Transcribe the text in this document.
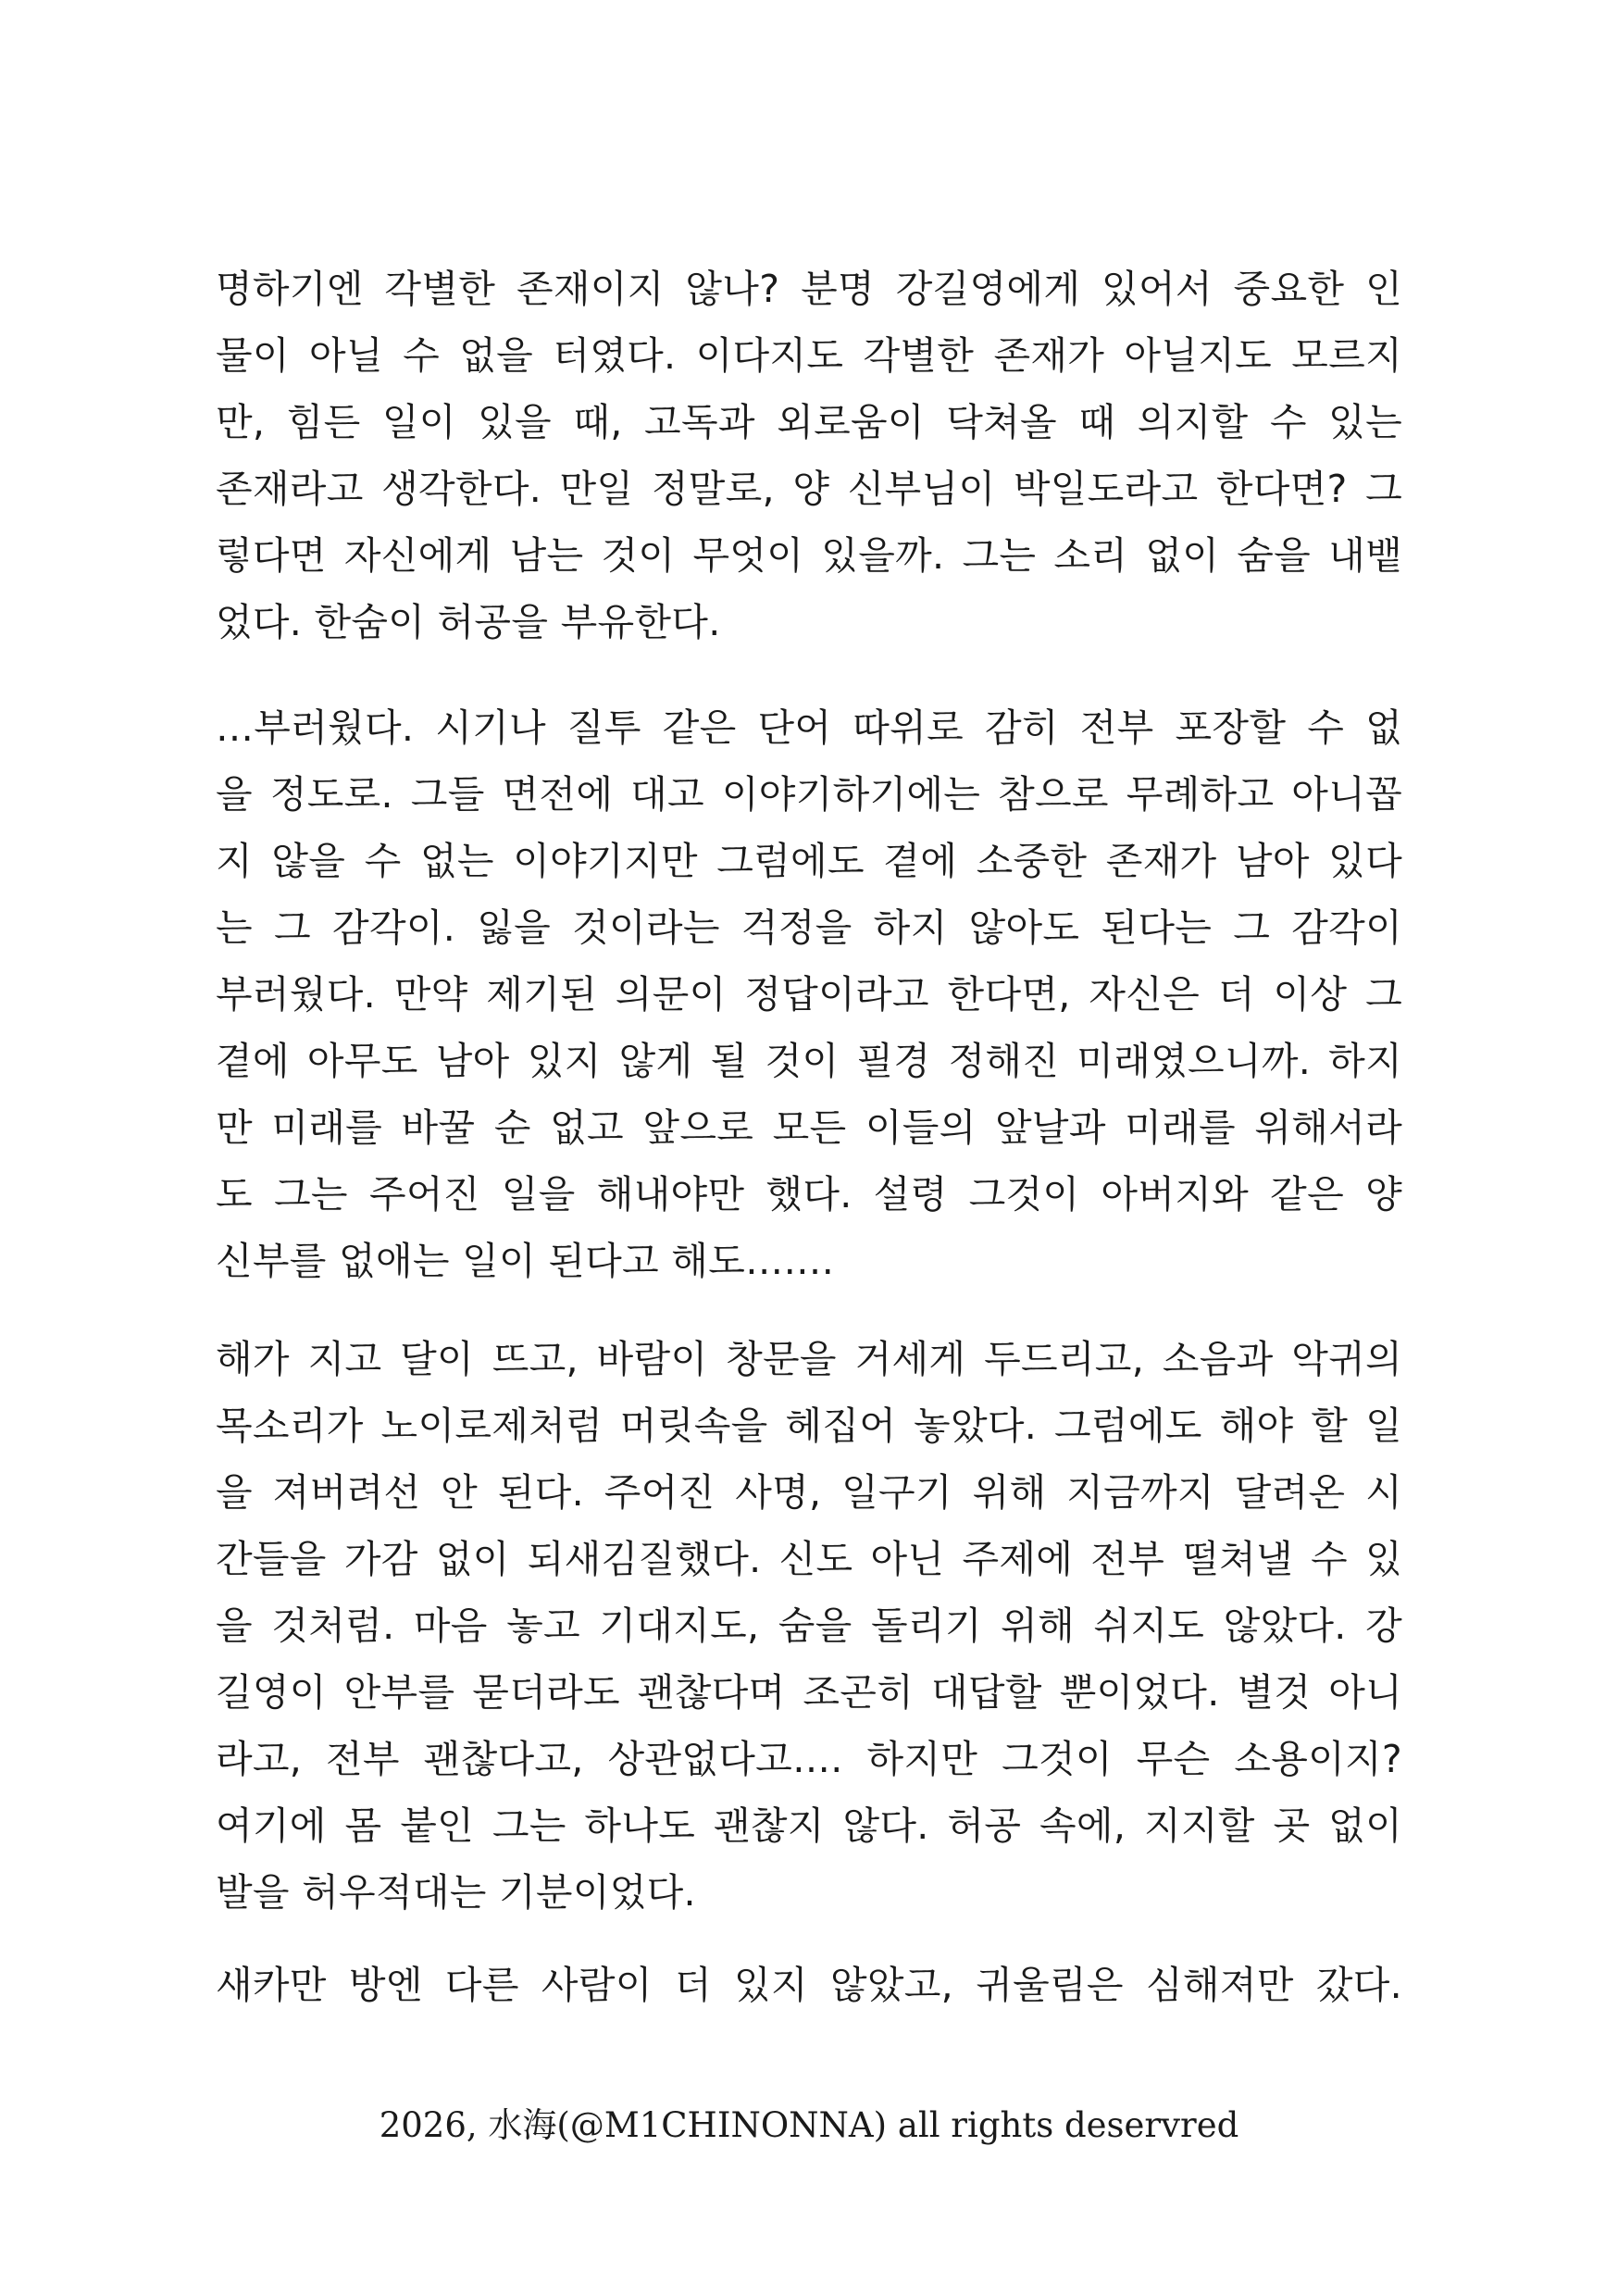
명하기엔 각별한 존재이지 않나? 분명 강길영에게 있어서 중요한 인
물이 아닐 수 없을 터였다. 이다지도 각별한 존재가 아닐지도 모르지
만, 힘든 일이 있을 때, 고독과 외로움이 닥쳐올 때 의지할 수 있는
존재라고 생각한다. 만일 정말로, 양 신부님이 박일도라고 한다면? 그
렇다면 자신에게 남는 것이 무엇이 있을까. 그는 소리 없이 숨을 내뱉
었다. 한숨이 허공을 부유한다.
…부러웠다. 시기나 질투 같은 단어 따위로 감히 전부 포장할 수 없
을 정도로. 그들 면전에 대고 이야기하기에는 참으로 무례하고 아니꼽
지 않을 수 없는 이야기지만 그럼에도 곁에 소중한 존재가 남아 있다
는 그 감각이. 잃을 것이라는 걱정을 하지 않아도 된다는 그 감각이
부러웠다. 만약 제기된 의문이 정답이라고 한다면, 자신은 더 이상 그
곁에 아무도 남아 있지 않게 될 것이 필경 정해진 미래였으니까. 하지
만 미래를 바꿀 순 없고 앞으로 모든 이들의 앞날과 미래를 위해서라
도 그는 주어진 일을 해내야만 했다. 설령 그것이 아버지와 같은 양
신부를 없애는 일이 된다고 해도…….
해가 지고 달이 뜨고, 바람이 창문을 거세게 두드리고, 소음과 악귀의
목소리가 노이로제처럼 머릿속을 헤집어 놓았다. 그럼에도 해야 할 일
을 져버려선 안 된다. 주어진 사명, 일구기 위해 지금까지 달려온 시
간들을 가감 없이 되새김질했다. 신도 아닌 주제에 전부 떨쳐낼 수 있
을 것처럼. 마음 놓고 기대지도, 숨을 돌리기 위해 쉬지도 않았다. 강
길영이 안부를 묻더라도 괜찮다며 조곤히 대답할 뿐이었다. 별것 아니
라고, 전부 괜찮다고, 상관없다고…. 하지만 그것이 무슨 소용이지?
여기에 몸 붙인 그는 하나도 괜찮지 않다. 허공 속에, 지지할 곳 없이
발을 허우적대는 기분이었다.
새카만 방엔 다른 사람이 더 있지 않았고, 귀울림은 심해져만 갔다.
2026, 水海(@M1CHINONNA) all rights deservred
